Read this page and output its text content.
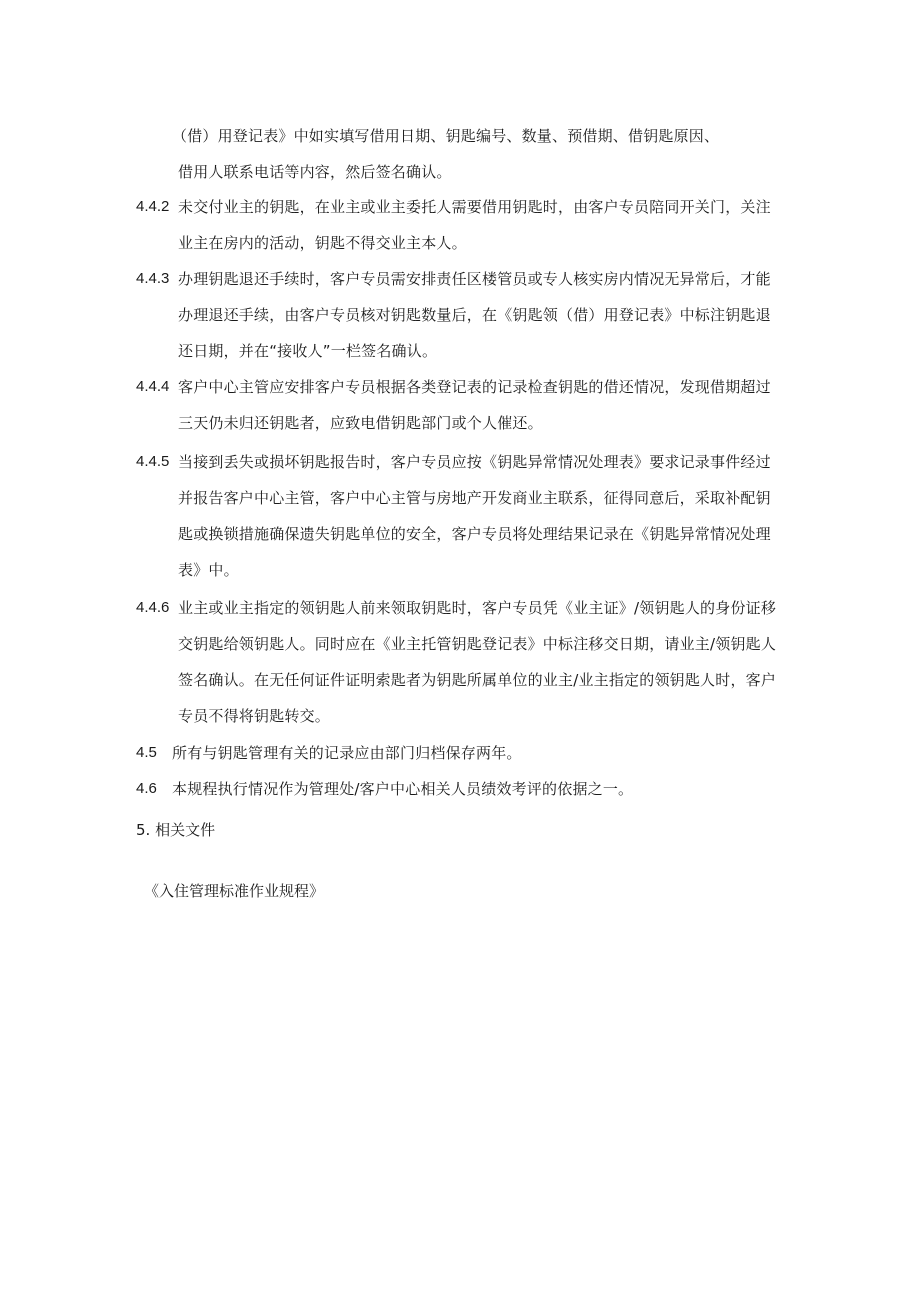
（借）用登记表》中如实填写借用日期、钥匙编号、数量、预借期、借钥匙原因、
借用人联系电话等内容，然后签名确认。
4.4.2 未交付业主的钥匙，在业主或业主委托人需要借用钥匙时，由客户专员陪同开关门，关注
业主在房内的活动，钥匙不得交业主本人。
4.4.3 办理钥匙退还手续时，客户专员需安排责任区楼管员或专人核实房内情况无异常后，才能
办理退还手续，由客户专员核对钥匙数量后，在《钥匙领（借）用登记表》中标注钥匙退
还日期，并在“接收人”一栏签名确认。
4.4.4 客户中心主管应安排客户专员根据各类登记表的记录检查钥匙的借还情况，发现借期超过
三天仍未归还钥匙者，应致电借钥匙部门或个人催还。
4.4.5 当接到丢失或损坏钥匙报告时，客户专员应按《钥匙异常情况处理表》要求记录事件经过
并报告客户中心主管，客户中心主管与房地产开发商业主联系，征得同意后，采取补配钥
匙或换锁措施确保遗失钥匙单位的安全，客户专员将处理结果记录在《钥匙异常情况处理
表》中。
4.4.6 业主或业主指定的领钥匙人前来领取钥匙时，客户专员凭《业主证》/领钥匙人的身份证移
交钥匙给领钥匙人。同时应在《业主托管钥匙登记表》中标注移交日期，请业主/领钥匙人
签名确认。在无任何证件证明索匙者为钥匙所属单位的业主/业主指定的领钥匙人时，客户
专员不得将钥匙转交。
4.5 所有与钥匙管理有关的记录应由部门归档保存两年。
4.6 本规程执行情况作为管理处/客户中心相关人员绩效考评的依据之一。
5. 相关文件
《入住管理标准作业规程》
